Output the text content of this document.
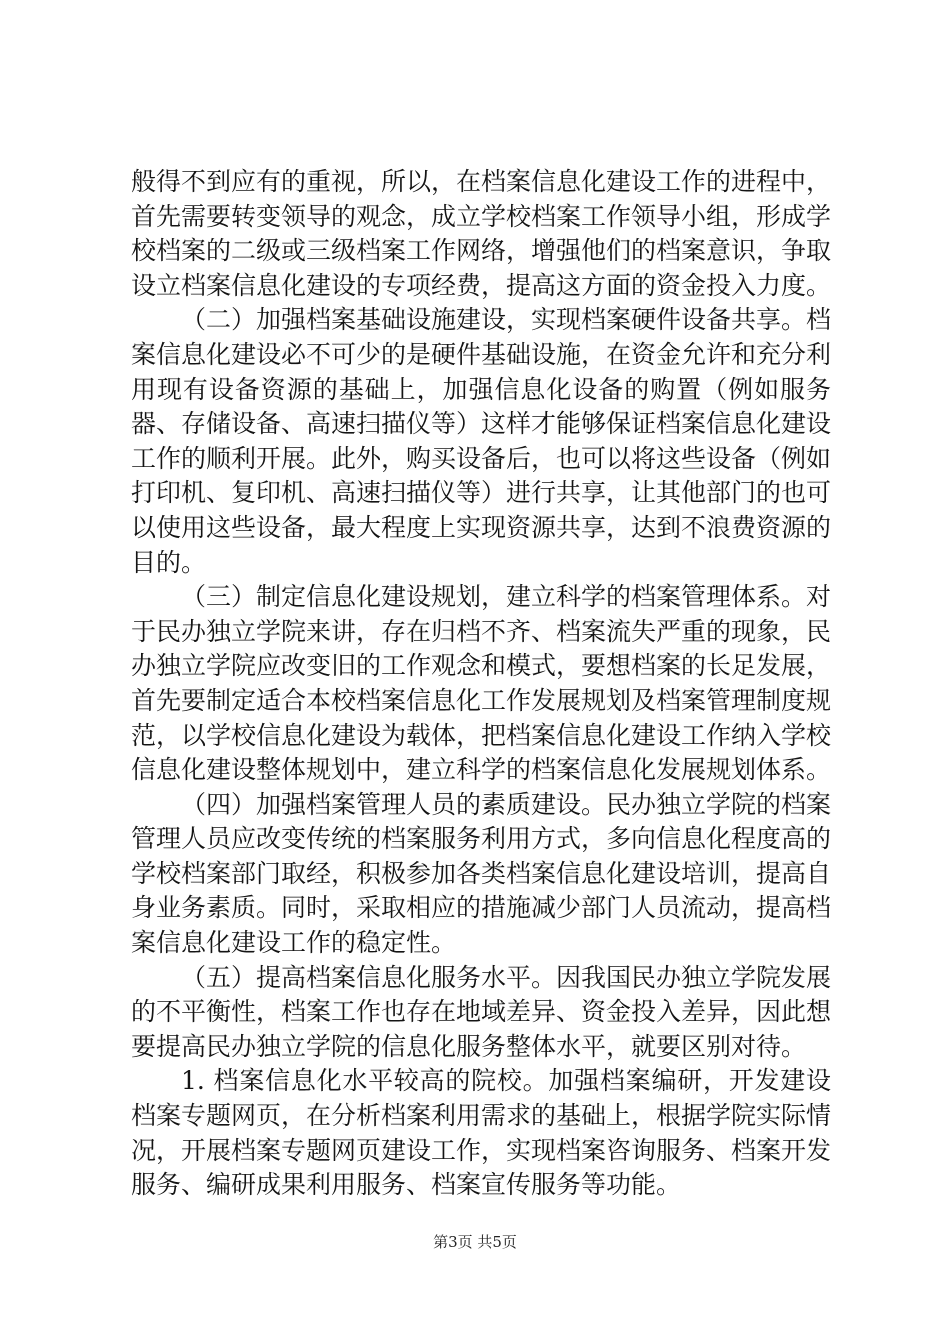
般得不到应有的重视，所以，在档案信息化建设工作的进程中，首先需要转变领导的观念，成立学校档案工作领导小组，形成学校档案的二级或三级档案工作网络，增强他们的档案意识，争取设立档案信息化建设的专项经费，提高这方面的资金投入力度。

（二）加强档案基础设施建设，实现档案硬件设备共享。档案信息化建设必不可少的是硬件基础设施，在资金允许和充分利用现有设备资源的基础上，加强信息化设备的购置（例如服务器、存储设备、高速扫描仪等）这样才能够保证档案信息化建设工作的顺利开展。此外，购买设备后，也可以将这些设备（例如打印机、复印机、高速扫描仪等）进行共享，让其他部门的也可以使用这些设备，最大程度上实现资源共享，达到不浪费资源的目的。

（三）制定信息化建设规划，建立科学的档案管理体系。对于民办独立学院来讲，存在归档不齐、档案流失严重的现象，民办独立学院应改变旧的工作观念和模式，要想档案的长足发展，首先要制定适合本校档案信息化工作发展规划及档案管理制度规范，以学校信息化建设为载体，把档案信息化建设工作纳入学校信息化建设整体规划中，建立科学的档案信息化发展规划体系。

（四）加强档案管理人员的素质建设。民办独立学院的档案管理人员应改变传统的档案服务利用方式，多向信息化程度高的学校档案部门取经，积极参加各类档案信息化建设培训，提高自身业务素质。同时，采取相应的措施减少部门人员流动，提高档案信息化建设工作的稳定性。

（五）提高档案信息化服务水平。因我国民办独立学院发展的不平衡性，档案工作也存在地域差异、资金投入差异，因此想要提高民办独立学院的信息化服务整体水平，就要区别对待。

1. 档案信息化水平较高的院校。加强档案编研，开发建设档案专题网页，在分析档案利用需求的基础上，根据学院实际情况，开展档案专题网页建设工作，实现档案咨询服务、档案开发服务、编研成果利用服务、档案宣传服务等功能。

第3页 共5页
